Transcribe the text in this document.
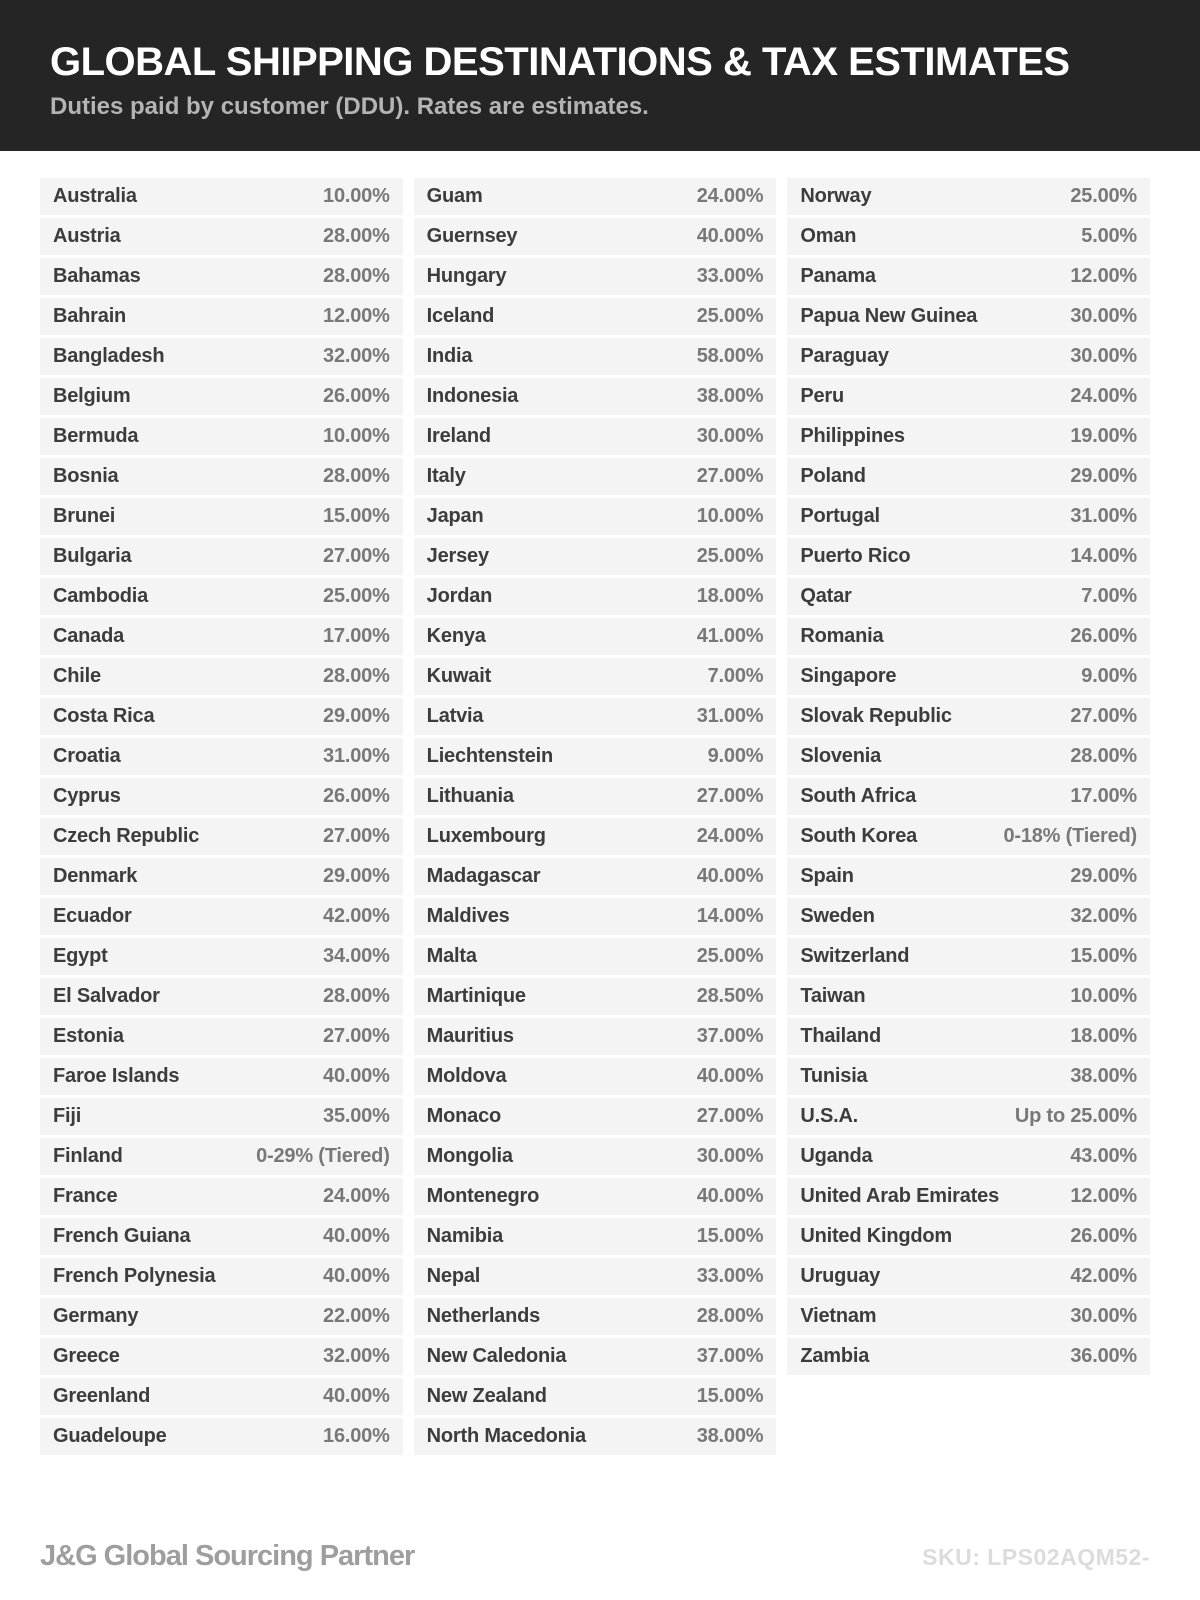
GLOBAL SHIPPING DESTINATIONS & TAX ESTIMATES
Duties paid by customer (DDU). Rates are estimates.
Australia	10.00%
Austria	28.00%
Bahamas	28.00%
Bahrain	12.00%
Bangladesh	32.00%
Belgium	26.00%
Bermuda	10.00%
Bosnia	28.00%
Brunei	15.00%
Bulgaria	27.00%
Cambodia	25.00%
Canada	17.00%
Chile	28.00%
Costa Rica	29.00%
Croatia	31.00%
Cyprus	26.00%
Czech Republic	27.00%
Denmark	29.00%
Ecuador	42.00%
Egypt	34.00%
El Salvador	28.00%
Estonia	27.00%
Faroe Islands	40.00%
Fiji	35.00%
Finland	0-29% (Tiered)
France	24.00%
French Guiana	40.00%
French Polynesia	40.00%
Germany	22.00%
Greece	32.00%
Greenland	40.00%
Guadeloupe	16.00%
Guam	24.00%
Guernsey	40.00%
Hungary	33.00%
Iceland	25.00%
India	58.00%
Indonesia	38.00%
Ireland	30.00%
Italy	27.00%
Japan	10.00%
Jersey	25.00%
Jordan	18.00%
Kenya	41.00%
Kuwait	7.00%
Latvia	31.00%
Liechtenstein	9.00%
Lithuania	27.00%
Luxembourg	24.00%
Madagascar	40.00%
Maldives	14.00%
Malta	25.00%
Martinique	28.50%
Mauritius	37.00%
Moldova	40.00%
Monaco	27.00%
Mongolia	30.00%
Montenegro	40.00%
Namibia	15.00%
Nepal	33.00%
Netherlands	28.00%
New Caledonia	37.00%
New Zealand	15.00%
North Macedonia	38.00%
Norway	25.00%
Oman	5.00%
Panama	12.00%
Papua New Guinea	30.00%
Paraguay	30.00%
Peru	24.00%
Philippines	19.00%
Poland	29.00%
Portugal	31.00%
Puerto Rico	14.00%
Qatar	7.00%
Romania	26.00%
Singapore	9.00%
Slovak Republic	27.00%
Slovenia	28.00%
South Africa	17.00%
South Korea	0-18% (Tiered)
Spain	29.00%
Sweden	32.00%
Switzerland	15.00%
Taiwan	10.00%
Thailand	18.00%
Tunisia	38.00%
U.S.A.	Up to 25.00%
Uganda	43.00%
United Arab Emirates	12.00%
United Kingdom	26.00%
Uruguay	42.00%
Vietnam	30.00%
Zambia	36.00%
J&G Global Sourcing Partner	SKU: LPS02AQM52-
